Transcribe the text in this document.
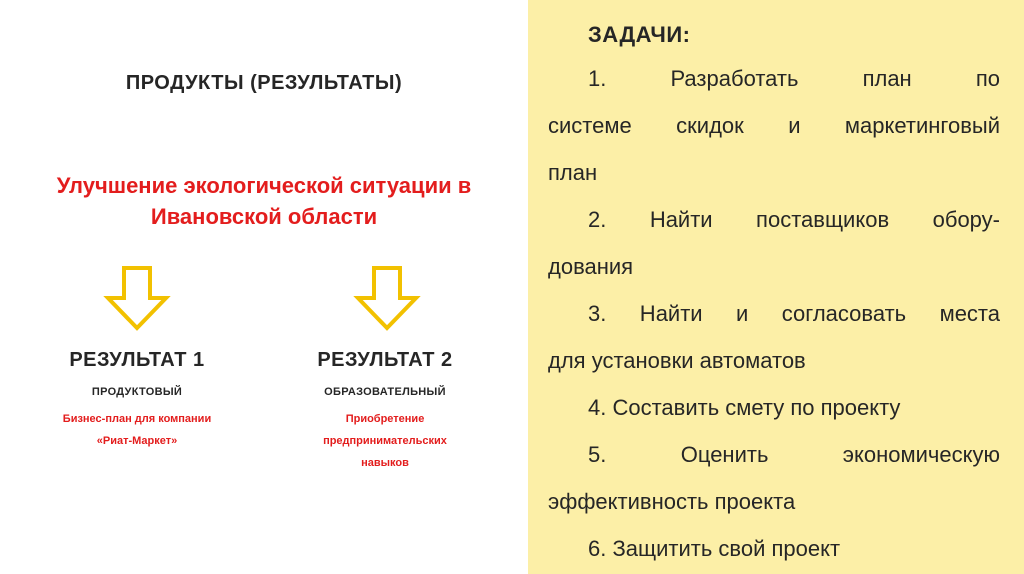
ПРОДУКТЫ (РЕЗУЛЬТАТЫ)
Улучшение экологической ситуации в
Ивановской области
РЕЗУЛЬТАТ 1
ПРОДУКТОВЫЙ
Бизнес-план для компании
«Риат-Маркет»
РЕЗУЛЬТАТ 2
ОБРАЗОВАТЕЛЬНЫЙ
Приобретение
предпринимательских
навыков
ЗАДАЧИ:
1. Разработать план по
системе скидок и маркетинговый
план
2. Найти поставщиков обору-
дования
3. Найти и согласовать места
для установки автоматов
4. Составить смету по проекту
5. Оценить экономическую
эффективность проекта
6. Защитить свой проект
